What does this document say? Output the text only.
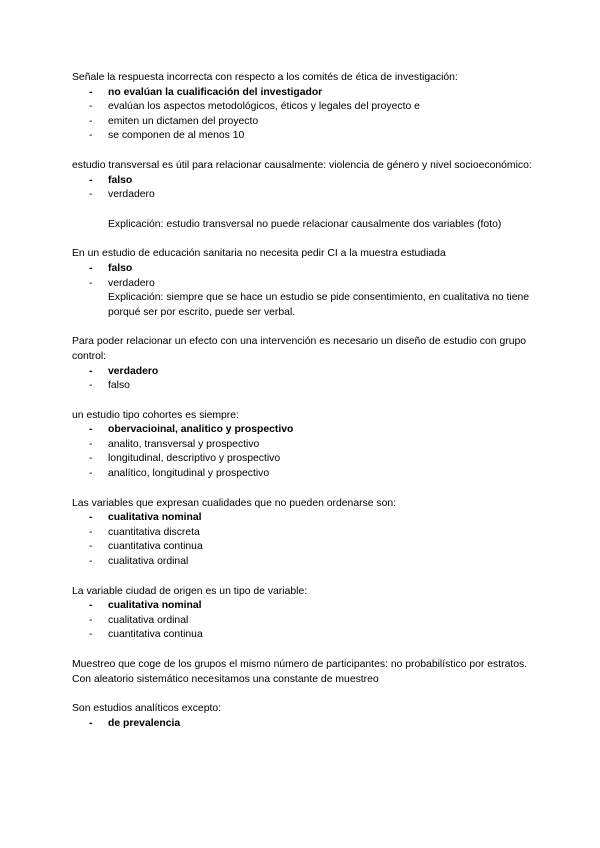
Señale la respuesta incorrecta con respecto a los comités de ética de investigación:

- no evalúan la cualificación del investigador
- evalúan los aspectos metodológicos, éticos y legales del proyecto e
- emiten un dictamen del proyecto
- se componen de al menos 10

estudio transversal es útil para relacionar causalmente: violencia de género y nivel socioeconómico:

- falso
- verdadero

Explicación: estudio transversal no puede relacionar causalmente dos variables (foto)

En un estudio de educación sanitaria no necesita pedir CI a la muestra estudiada

- falso
- verdadero

Explicación: siempre que se hace un estudio se pide consentimiento, en cualitativa no tiene porqué ser por escrito, puede ser verbal.

Para poder relacionar un efecto con una intervención es necesario un diseño de estudio con grupo control:

- verdadero
- falso

un estudio tipo cohortes es siempre:

- obervacioinal, analitico y prospectivo
- analito, transversal y prospectivo
- longitudinal, descriptivo y prospectivo
- analítico, longitudinal y prospectivo

Las variables que expresan cualidades que no pueden ordenarse son:

- cualitativa nominal
- cuantitativa discreta
- cuantitativa continua
- cualitativa ordinal

La variable ciudad de origen es un tipo de variable:

- cualitativa nominal
- cualitativa ordinal
- cuantitativa continua

Muestreo que coge de los grupos el mismo número de participantes: no probabilístico por estratos.

Con aleatorio sistemático necesitamos una constante de muestreo

Son estudios analíticos excepto:

- de prevalencia
